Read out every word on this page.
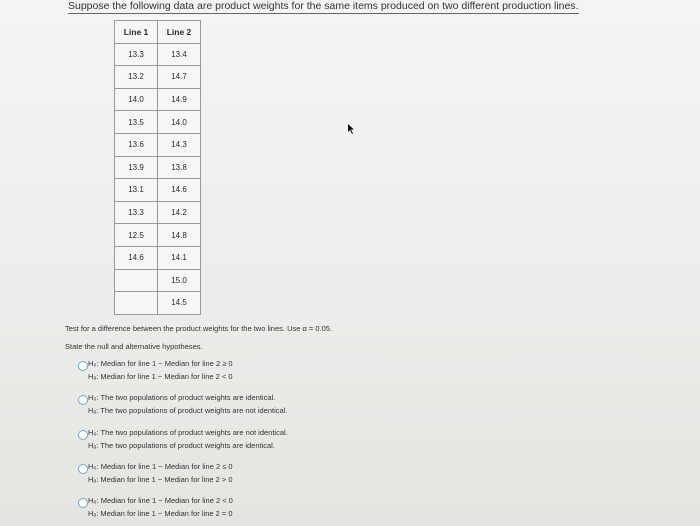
Suppose the following data are product weights for the same items produced on two different production lines.
Line 1	Line 2
13.3	13.4
13.2	14.7
14.0	14.9
13.5	14.0
13.6	14.3
13.9	13.8
13.1	14.6
13.3	14.2
12.5	14.8
14.6	14.1
	15.0
	14.5
Test for a difference between the product weights for the two lines. Use α = 0.05.
State the null and alternative hypotheses.
H₀: Median for line 1 − Median for line 2 ≥ 0
Hₐ: Median for line 1 − Median for line 2 < 0
H₀: The two populations of product weights are identical.
Hₐ: The two populations of product weights are not identical.
H₀: The two populations of product weights are not identical.
Hₐ: The two populations of product weights are identical.
H₀: Median for line 1 − Median for line 2 ≤ 0
Hₐ: Median for line 1 − Median for line 2 > 0
H₀: Median for line 1 − Median for line 2 < 0
Hₐ: Median for line 1 − Median for line 2 = 0
